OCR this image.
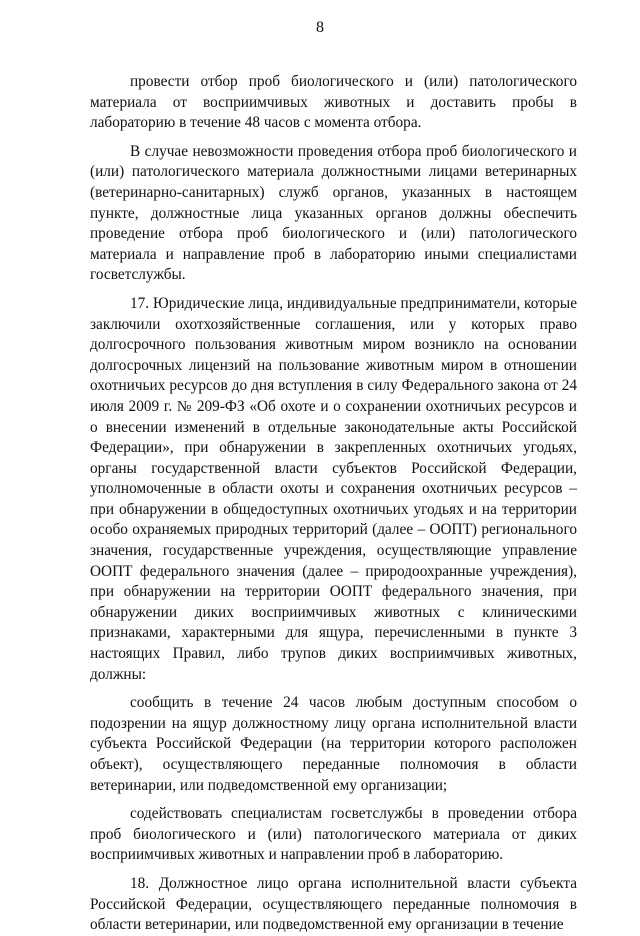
8

провести отбор проб биологического и (или) патологического материала от восприимчивых животных и доставить пробы в лабораторию в течение 48 часов с момента отбора.

В случае невозможности проведения отбора проб биологического и (или) патологического материала должностными лицами ветеринарных (ветеринарно-санитарных) служб органов, указанных в настоящем пункте, должностные лица указанных органов должны обеспечить проведение отбора проб биологического и (или) патологического материала и направление проб в лабораторию иными специалистами госветслужбы.

17. Юридические лица, индивидуальные предприниматели, которые заключили охотхозяйственные соглашения, или у которых право долгосрочного пользования животным миром возникло на основании долгосрочных лицензий на пользование животным миром в отношении охотничьих ресурсов до дня вступления в силу Федерального закона от 24 июля 2009 г. № 209-ФЗ «Об охоте и о сохранении охотничьих ресурсов и о внесении изменений в отдельные законодательные акты Российской Федерации», при обнаружении в закрепленных охотничьих угодьях, органы государственной власти субъектов Российской Федерации, уполномоченные в области охоты и сохранения охотничьих ресурсов – при обнаружении в общедоступных охотничьих угодьях и на территории особо охраняемых природных территорий (далее – ООПТ) регионального значения, государственные учреждения, осуществляющие управление ООПТ федерального значения (далее – природоохранные учреждения), при обнаружении на территории ООПТ федерального значения, при обнаружении диких восприимчивых животных с клиническими признаками, характерными для ящура, перечисленными в пункте 3 настоящих Правил, либо трупов диких восприимчивых животных, должны:

сообщить в течение 24 часов любым доступным способом о подозрении на ящур должностному лицу органа исполнительной власти субъекта Российской Федерации (на территории которого расположен объект), осуществляющего переданные полномочия в области ветеринарии, или подведомственной ему организации;

содействовать специалистам госветслужбы в проведении отбора проб биологического и (или) патологического материала от диких восприимчивых животных и направлении проб в лабораторию.

18. Должностное лицо органа исполнительной власти субъекта Российской Федерации, осуществляющего переданные полномочия в области ветеринарии, или подведомственной ему организации в течение
